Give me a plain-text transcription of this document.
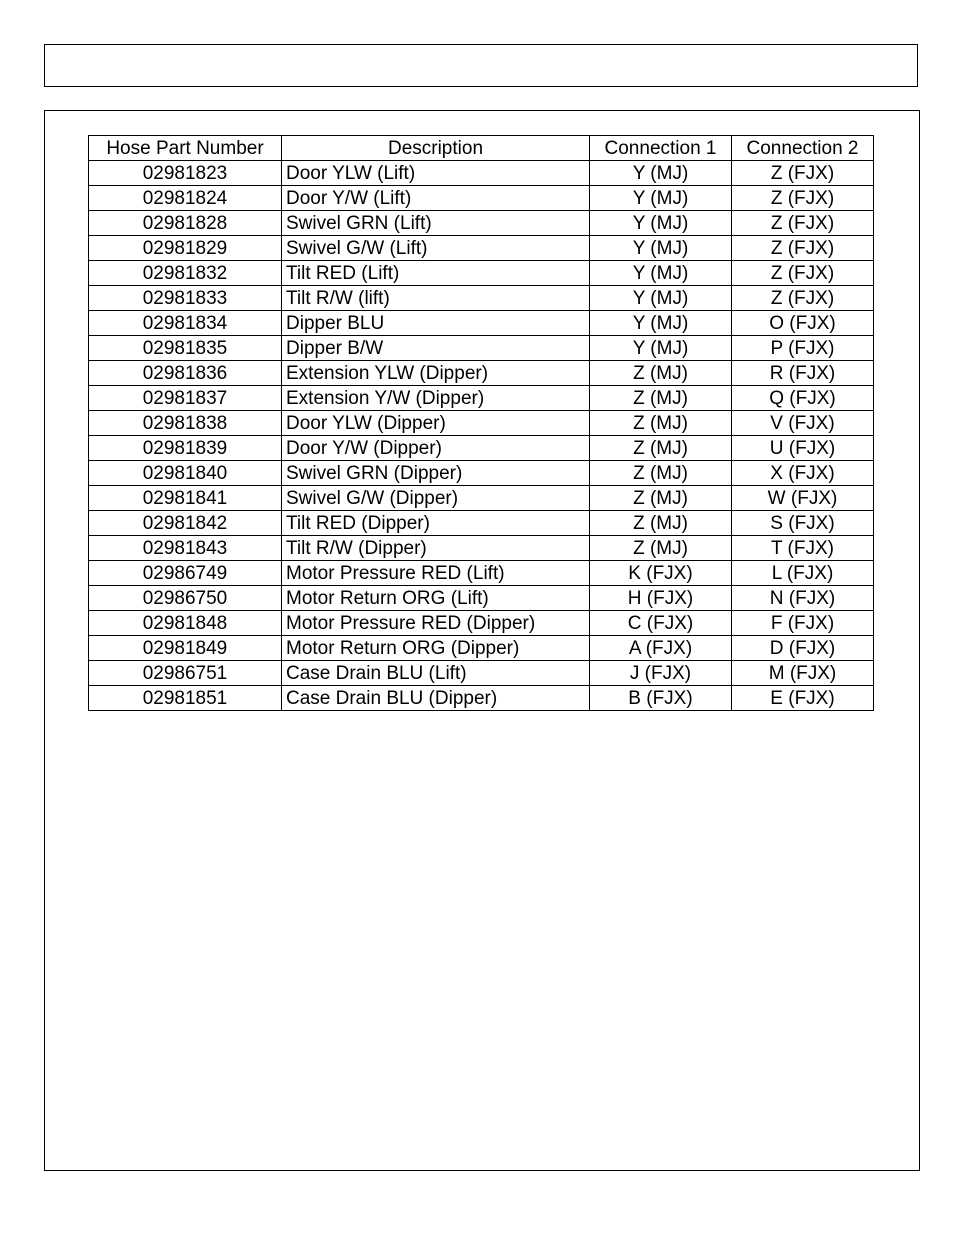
Hose Part Number	Description	Connection 1	Connection 2
02981823	Door YLW (Lift)	Y (MJ)	Z (FJX)
02981824	Door Y/W (Lift)	Y (MJ)	Z (FJX)
02981828	Swivel GRN (Lift)	Y (MJ)	Z (FJX)
02981829	Swivel G/W (Lift)	Y (MJ)	Z (FJX)
02981832	Tilt RED (Lift)	Y (MJ)	Z (FJX)
02981833	Tilt R/W (lift)	Y (MJ)	Z (FJX)
02981834	Dipper BLU	Y (MJ)	O (FJX)
02981835	Dipper B/W	Y (MJ)	P (FJX)
02981836	Extension YLW (Dipper)	Z (MJ)	R (FJX)
02981837	Extension Y/W (Dipper)	Z (MJ)	Q (FJX)
02981838	Door YLW (Dipper)	Z (MJ)	V (FJX)
02981839	Door Y/W (Dipper)	Z (MJ)	U (FJX)
02981840	Swivel GRN (Dipper)	Z (MJ)	X (FJX)
02981841	Swivel G/W (Dipper)	Z (MJ)	W (FJX)
02981842	Tilt RED (Dipper)	Z (MJ)	S (FJX)
02981843	Tilt R/W (Dipper)	Z (MJ)	T (FJX)
02986749	Motor Pressure RED (Lift)	K (FJX)	L (FJX)
02986750	Motor Return ORG (Lift)	H (FJX)	N (FJX)
02981848	Motor Pressure RED (Dipper)	C (FJX)	F (FJX)
02981849	Motor Return ORG (Dipper)	A (FJX)	D (FJX)
02986751	Case Drain BLU (Lift)	J (FJX)	M (FJX)
02981851	Case Drain BLU (Dipper)	B (FJX)	E (FJX)
